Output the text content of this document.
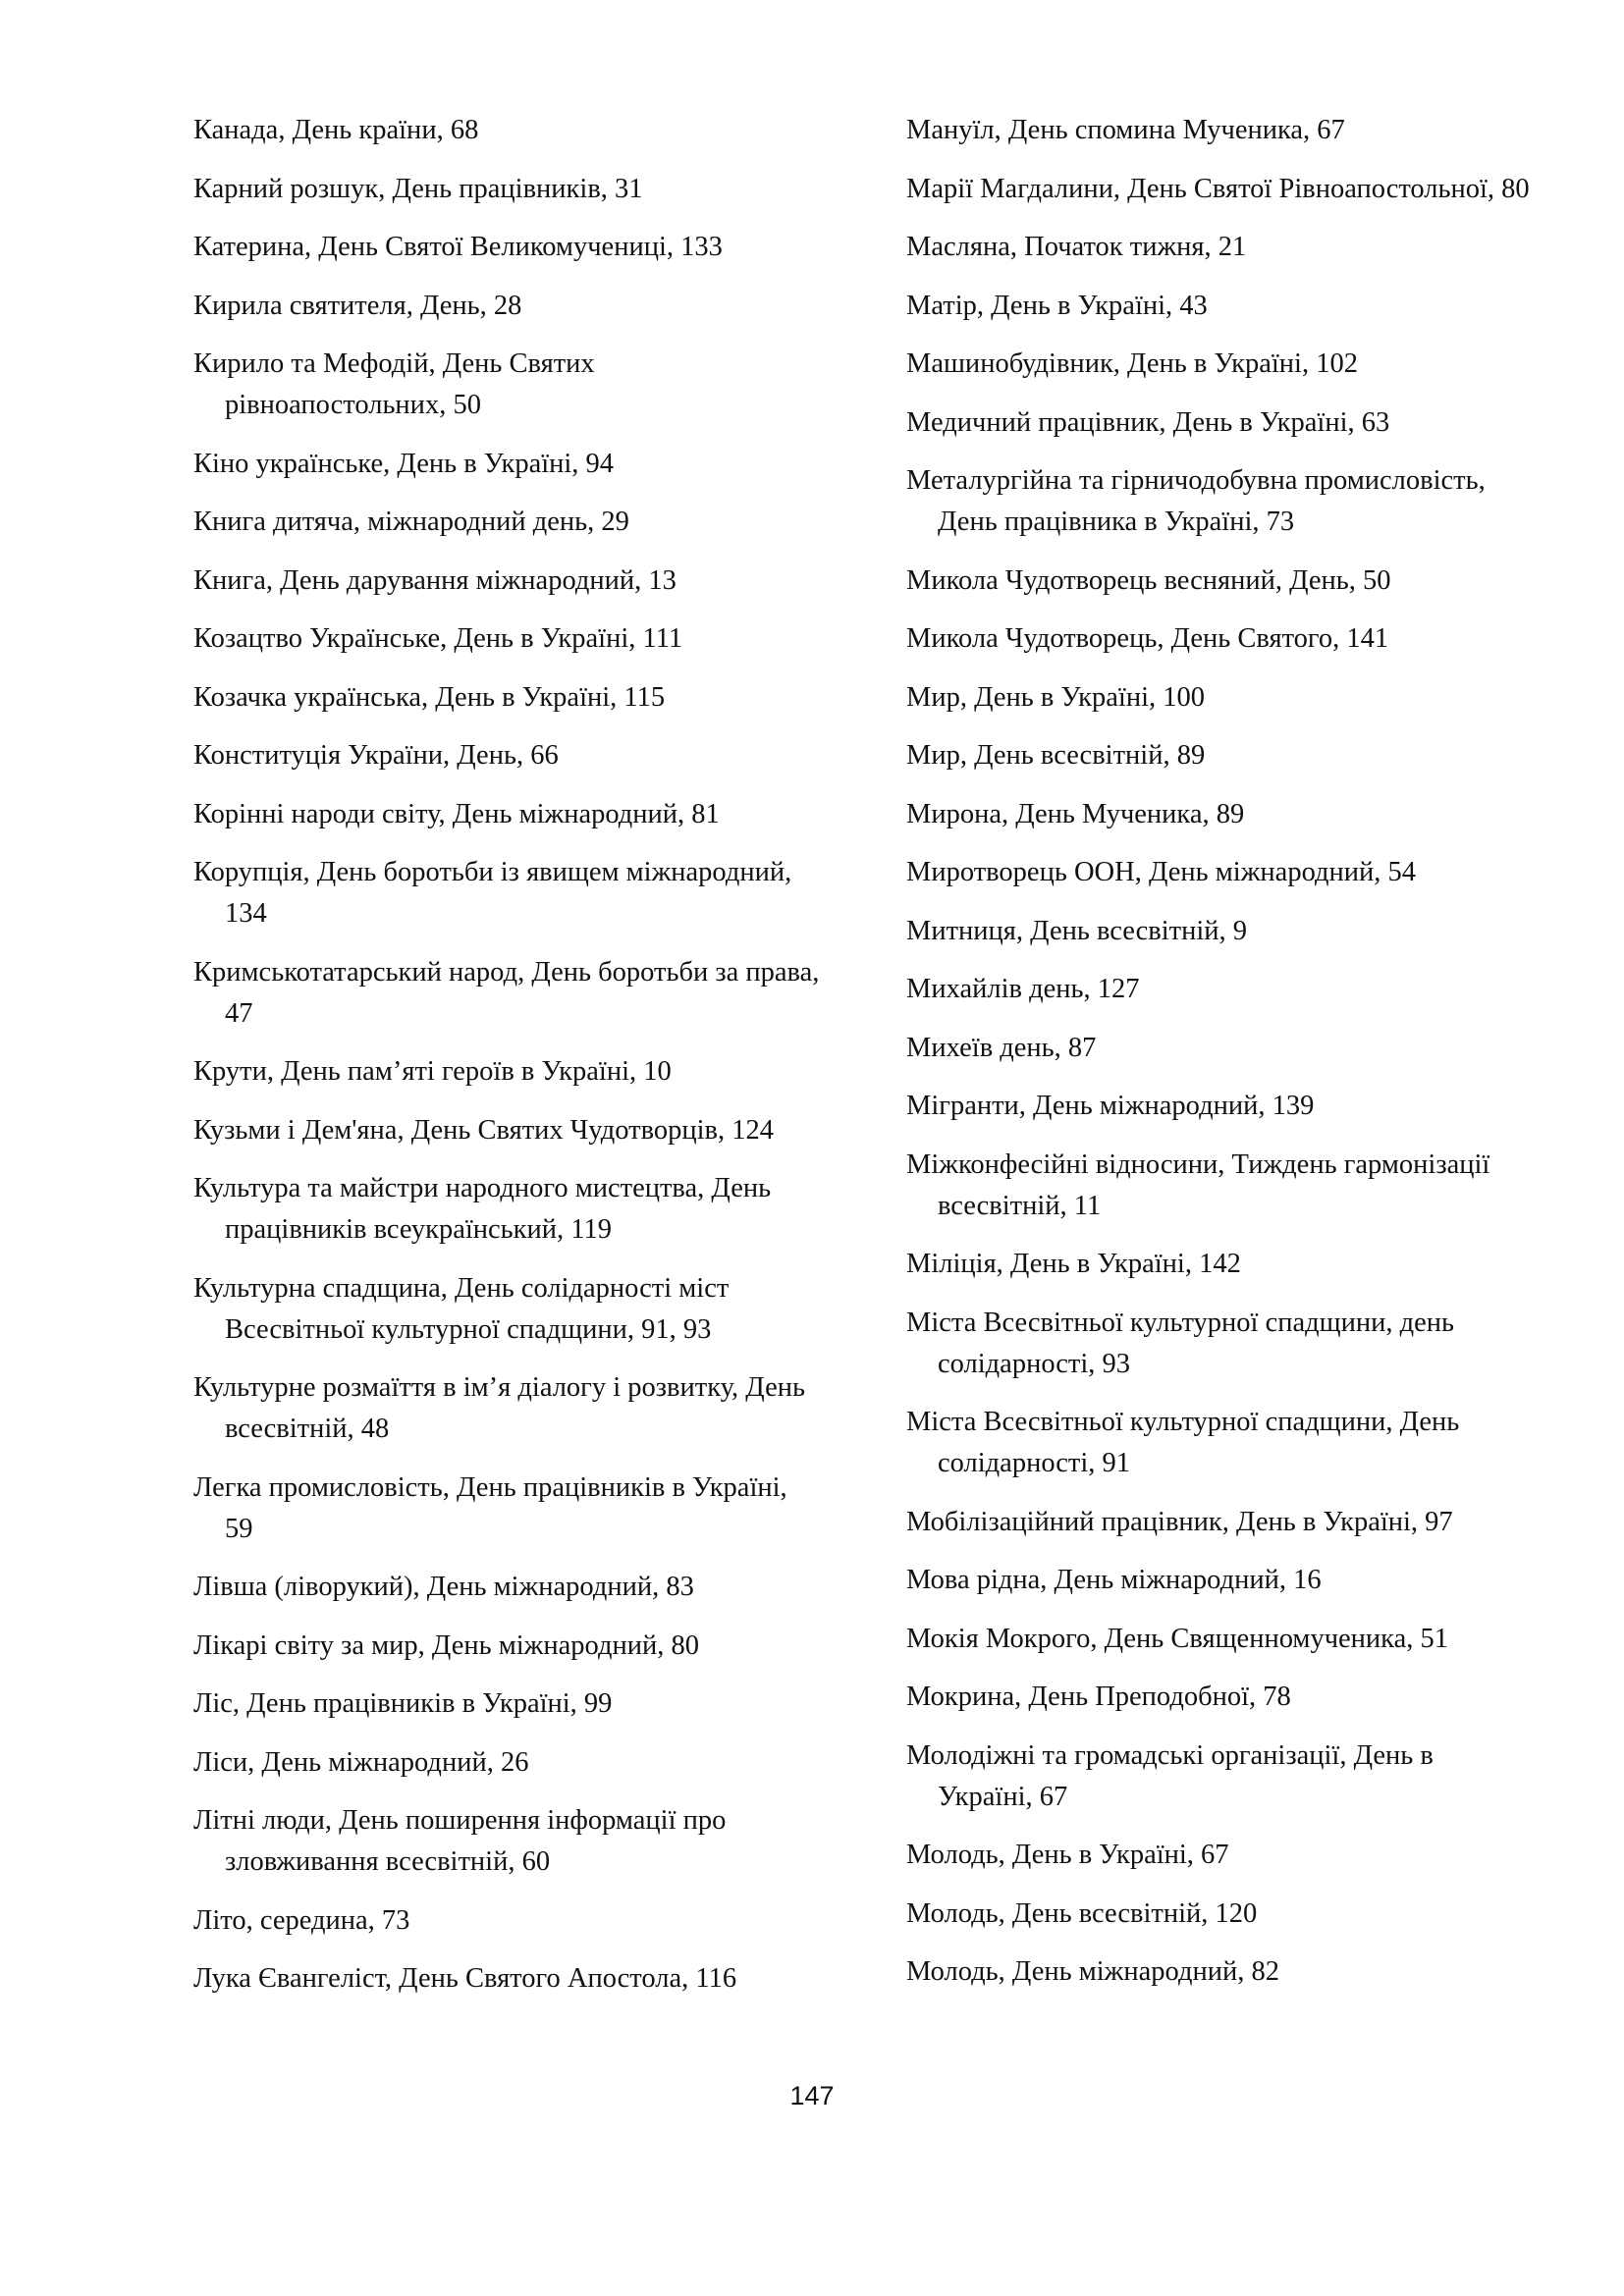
Канада, День країни, 68
Карний розшук, День працівників, 31
Катерина, День Святої Великомучениці, 133
Кирила святителя, День, 28
Кирило та Мефодій, День Святих рівноапостольних, 50
Кіно українське, День в Україні, 94
Книга дитяча, міжнародний день, 29
Книга, День дарування міжнародний, 13
Козацтво Українське, День в Україні, 111
Козачка українська, День в Україні, 115
Конституція України, День, 66
Корінні народи світу, День міжнародний, 81
Корупція, День боротьби із явищем міжнародний, 134
Кримськотатарський народ, День боротьби за права, 47
Крути, День пам’яті героїв в Україні, 10
Кузьми і Дем'яна, День Святих Чудотворців, 124
Культура та майстри народного мистецтва, День працівників всеукраїнський, 119
Культурна спадщина, День солідарності міст Всесвітньої культурної спадщини, 91, 93
Культурне розмаїття в ім’я діалогу і розвитку, День всесвітній, 48
Легка промисловість, День працівників в Україні, 59
Лівша (ліворукий), День міжнародний, 83
Лікарі світу за мир, День міжнародний, 80
Ліс, День працівників в Україні, 99
Ліси, День міжнародний, 26
Літні люди, День поширення інформації про зловживання всесвітній, 60
Літо, середина, 73
Лука Євангеліст, День Святого Апостола, 116
Мануїл, День спомина Мученика, 67
Марії Магдалини, День Святої Рівноапостольної, 80
Масляна, Початок тижня, 21
Матір, День в Україні, 43
Машинобудівник, День в Україні, 102
Медичний працівник, День в Україні, 63
Металургійна та гірничодобувна промисловість, День працівника в Україні, 73
Микола Чудотворець весняний, День, 50
Микола Чудотворець, День Святого, 141
Мир, День в Україні, 100
Мир, День всесвітній, 89
Мирона, День Мученика, 89
Миротворець ООН, День міжнародний, 54
Митниця, День всесвітній, 9
Михайлів день, 127
Михеїв день, 87
Мігранти, День міжнародний, 139
Міжконфесійні відносини, Тиждень гармонізації всесвітній, 11
Міліція, День в Україні, 142
Міста Всесвітньої культурної спадщини, день солідарності, 93
Міста Всесвітньої культурної спадщини, День солідарності, 91
Мобілізаційний працівник, День в Україні, 97
Мова рідна, День міжнародний, 16
Мокія Мокрого, День Священномученика, 51
Мокрина, День Преподобної, 78
Молодіжні та громадські організації, День в Україні, 67
Молодь, День в Україні, 67
Молодь, День всесвітній, 120
Молодь, День міжнародний, 82
147
